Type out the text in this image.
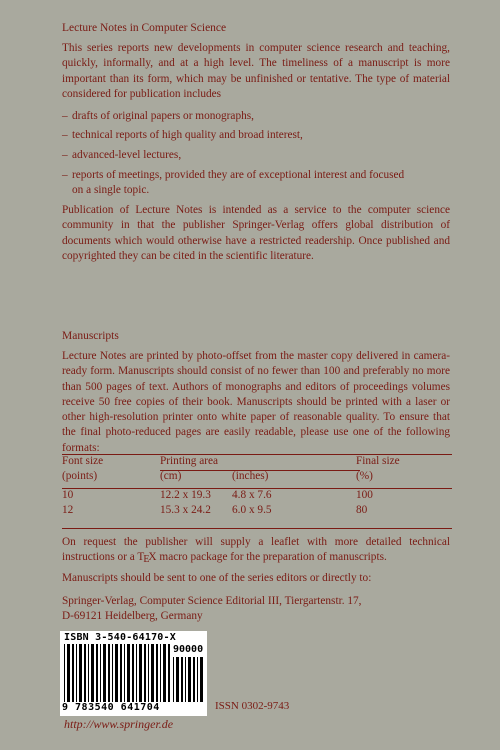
Lecture Notes in Computer Science

This series reports new developments in computer science research and teaching, quickly, informally, and at a high level. The timeliness of a manuscript is more important than its form, which may be unfinished or tentative. The type of material considered for publication includes

– drafts of original papers or monographs,
– technical reports of high quality and broad interest,
– advanced-level lectures,
– reports of meetings, provided they are of exceptional interest and focused
on a single topic.

Publication of Lecture Notes is intended as a service to the computer science community in that the publisher Springer-Verlag offers global distribution of documents which would otherwise have a restricted readership. Once published and copyrighted they can be cited in the scientific literature.

Manuscripts

Lecture Notes are printed by photo-offset from the master copy delivered in camera-ready form. Manuscripts should consist of no fewer than 100 and preferably no more than 500 pages of text. Authors of monographs and editors of proceedings volumes receive 50 free copies of their book. Manuscripts should be printed with a laser or other high-resolution printer onto white paper of reasonable quality. To ensure that the final photo-reduced pages are easily readable, please use one of the following formats:

Font size	Printing area		Final size
(points)	(cm)	(inches)	(%)

10	12.2 x 19.3	4.8 x 7.6	100
12	15.3 x 24.2	6.0 x 9.5	80

On request the publisher will supply a leaflet with more detailed technical instructions or a TEX macro package for the preparation of manuscripts.

Manuscripts should be sent to one of the series editors or directly to:
Springer-Verlag, Computer Science Editorial III, Tiergartenstr. 17,
D-69121 Heidelberg, Germany
ISBN 3-540-64170-X
90000
9 783540 641704	ISSN 0302-9743
http://www.springer.de
